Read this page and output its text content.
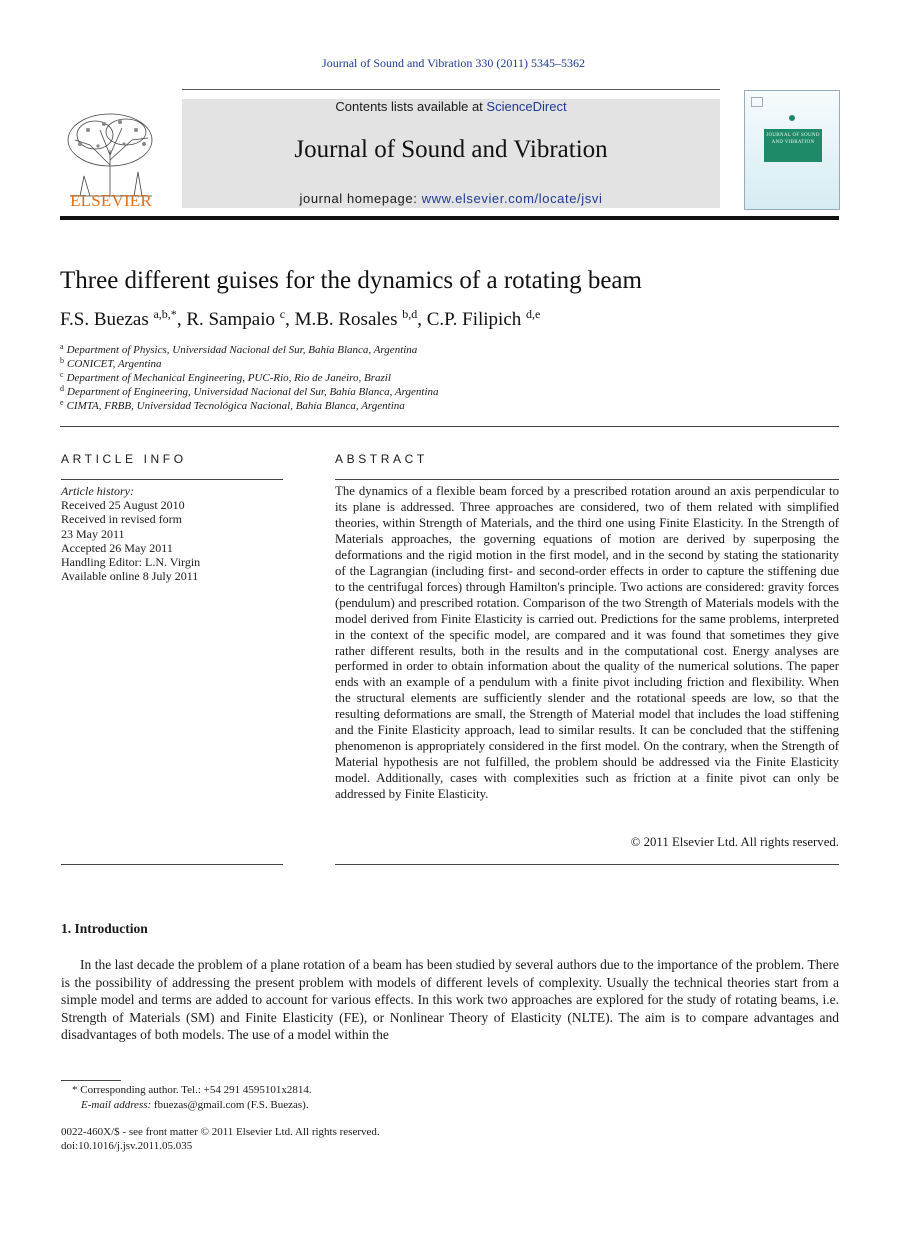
Journal of Sound and Vibration 330 (2011) 5345–5362
ELSEVIER
Contents lists available at ScienceDirect
Journal of Sound and Vibration
journal homepage: www.elsevier.com/locate/jsvi
JOURNAL OF SOUND AND VIBRATION
Three different guises for the dynamics of a rotating beam
F.S. Buezas $^{a,b,*}$, R. Sampaio $^c$, M.B. Rosales $^{b,d}$, C.P. Filipich $^{d,e}$
$^a$ Department of Physics, Universidad Nacional del Sur, Bahía Blanca, Argentina
$^b$ CONICET, Argentina
$^c$ Department of Mechanical Engineering, PUC-Rio, Rio de Janeiro, Brazil
$^d$ Department of Engineering, Universidad Nacional del Sur, Bahía Blanca, Argentina
$^e$ CIMTA, FRBB, Universidad Tecnológica Nacional, Bahía Blanca, Argentina
ARTICLE INFO
Article history:
Received 25 August 2010
Received in revised form
23 May 2011
Accepted 26 May 2011
Handling Editor: L.N. Virgin
Available online 8 July 2011
ABSTRACT
The dynamics of a flexible beam forced by a prescribed rotation around an axis perpendicular to its plane is addressed. Three approaches are considered, two of them related with simplified theories, within Strength of Materials, and the third one using Finite Elasticity. In the Strength of Materials approaches, the governing equations of motion are derived by superposing the deformations and the rigid motion in the first model, and in the second by stating the stationarity of the Lagrangian (including first- and second-order effects in order to capture the stiffening due to the centrifugal forces) through Hamilton's principle. Two actions are considered: gravity forces (pendulum) and prescribed rotation. Comparison of the two Strength of Materials models with the model derived from Finite Elasticity is carried out. Predictions for the same problems, interpreted in the context of the specific model, are compared and it was found that sometimes they give rather different results, both in the results and in the computational cost. Energy analyses are performed in order to obtain information about the quality of the numerical solutions. The paper ends with an example of a pendulum with a finite pivot including friction and flexibility. When the structural elements are sufficiently slender and the rotational speeds are low, so that the resulting deformations are small, the Strength of Material model that includes the load stiffening and the Finite Elasticity approach, lead to similar results. It can be concluded that the stiffening phenomenon is appropriately considered in the first model. On the contrary, when the Strength of Material hypothesis are not fulfilled, the problem should be addressed via the Finite Elasticity model. Additionally, cases with complexities such as friction at a finite pivot can only be addressed by Finite Elasticity.
© 2011 Elsevier Ltd. All rights reserved.
1. Introduction
In the last decade the problem of a plane rotation of a beam has been studied by several authors due to the importance of the problem. There is the possibility of addressing the present problem with models of different levels of complexity. Usually the technical theories start from a simple model and terms are added to account for various effects. In this work two approaches are explored for the study of rotating beams, i.e. Strength of Materials (SM) and Finite Elasticity (FE), or Nonlinear Theory of Elasticity (NLTE). The aim is to compare advantages and disadvantages of both models. The use of a model within the
* Corresponding author. Tel.: +54 291 4595101x2814.
E-mail address: fbuezas@gmail.com (F.S. Buezas).
0022-460X/$ - see front matter © 2011 Elsevier Ltd. All rights reserved.
doi:10.1016/j.jsv.2011.05.035
